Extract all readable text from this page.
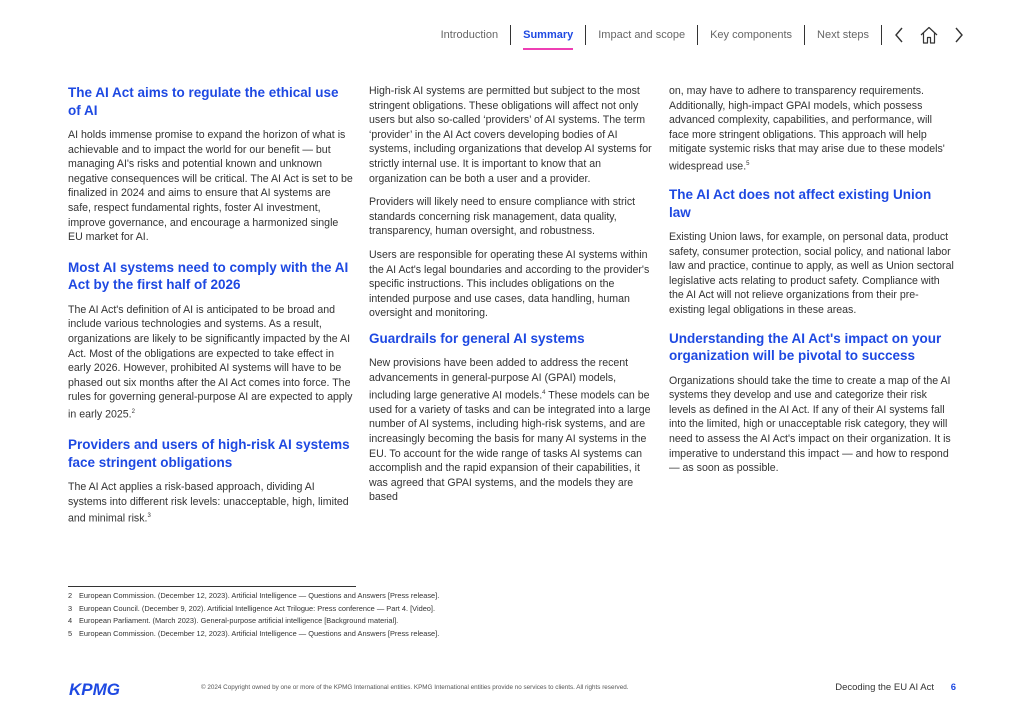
Introduction	Summary	Impact and scope	Key components	Next steps
The AI Act aims to regulate the ethical use of AI
AI holds immense promise to expand the horizon of what is achievable and to impact the world for our benefit — but managing AI's risks and potential known and unknown negative consequences will be critical. The AI Act is set to be finalized in 2024 and aims to ensure that AI systems are safe, respect fundamental rights, foster AI investment, improve governance, and encourage a harmonized single EU market for AI.
Most AI systems need to comply with the AI Act by the first half of 2026
The AI Act's definition of AI is anticipated to be broad and include various technologies and systems. As a result, organizations are likely to be significantly impacted by the AI Act. Most of the obligations are expected to take effect in early 2026. However, prohibited AI systems will have to be phased out six months after the AI Act comes into force. The rules for governing general-purpose AI are expected to apply in early 2025.$^2$
Providers and users of high-risk AI systems face stringent obligations
The AI Act applies a risk-based approach, dividing AI systems into different risk levels: unacceptable, high, limited and minimal risk.$^3$
High-risk AI systems are permitted but subject to the most stringent obligations. These obligations will affect not only users but also so-called ‘providers’ of AI systems. The term ‘provider’ in the AI Act covers developing bodies of AI systems, including organizations that develop AI systems for strictly internal use. It is important to know that an organization can be both a user and a provider.
Providers will likely need to ensure compliance with strict standards concerning risk management, data quality, transparency, human oversight, and robustness.
Users are responsible for operating these AI systems within the AI Act's legal boundaries and according to the provider's specific instructions. This includes obligations on the intended purpose and use cases, data handling, human oversight and monitoring.
Guardrails for general AI systems
New provisions have been added to address the recent advancements in general-purpose AI (GPAI) models, including large generative AI models.$^4$ These models can be used for a variety of tasks and can be integrated into a large number of AI systems, including high-risk systems, and are increasingly becoming the basis for many AI systems in the EU. To account for the wide range of tasks AI systems can accomplish and the rapid expansion of their capabilities, it was agreed that GPAI systems, and the models they are based
on, may have to adhere to transparency requirements. Additionally, high-impact GPAI models, which possess advanced complexity, capabilities, and performance, will face more stringent obligations. This approach will help mitigate systemic risks that may arise due to these models' widespread use.$^5$
The AI Act does not affect existing Union law
Existing Union laws, for example, on personal data, product safety, consumer protection, social policy, and national labor law and practice, continue to apply, as well as Union sectoral legislative acts relating to product safety. Compliance with the AI Act will not relieve organizations from their pre-existing legal obligations in these areas.
Understanding the AI Act's impact on your organization will be pivotal to success
Organizations should take the time to create a map of the AI systems they develop and use and categorize their risk levels as defined in the AI Act. If any of their AI systems fall into the limited, high or unacceptable risk category, they will need to assess the AI Act's impact on their organization. It is imperative to understand this impact — and how to respond — as soon as possible.
2 European Commission. (December 12, 2023). Artificial Intelligence — Questions and Answers [Press release].
3 European Council. (December 9, 202). Artificial Intelligence Act Trilogue: Press conference — Part 4. [Video].
4 European Parliament. (March 2023). General-purpose artificial intelligence [Background material].
5 European Commission. (December 12, 2023). Artificial Intelligence — Questions and Answers [Press release].
KPMG	© 2024 Copyright owned by one or more of the KPMG International entities. KPMG International entities provide no services to clients. All rights reserved.	Decoding the EU AI Act 6
